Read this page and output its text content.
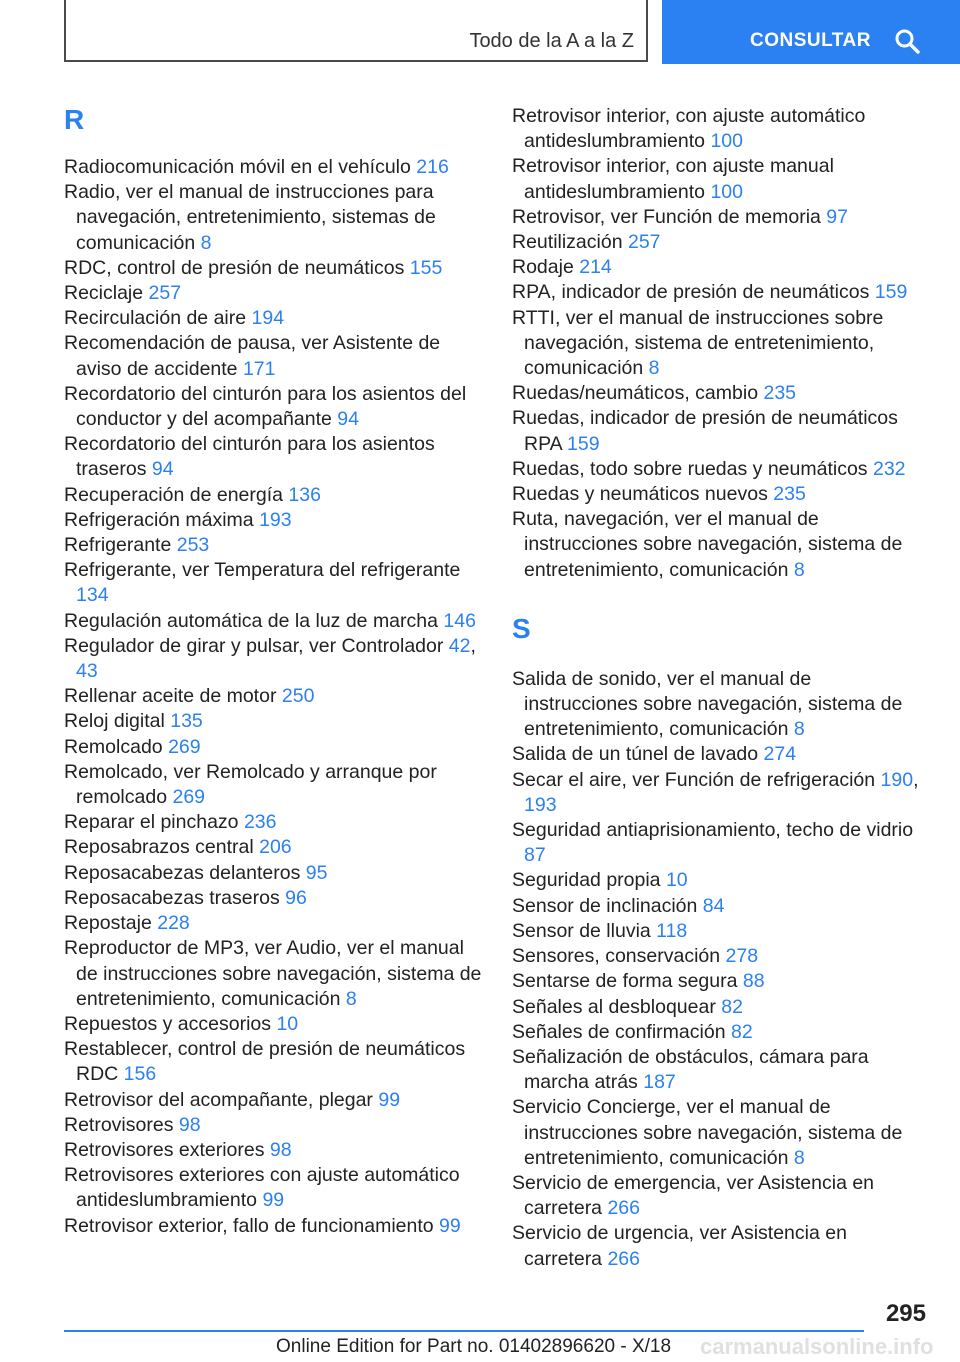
Todo de la A a la Z	CONSULTAR
R

Radiocomunicación móvil en el vehículo 216

Radio, ver el manual de instrucciones para navegación, entretenimiento, sistemas de comunicación 8

RDC, control de presión de neumáticos 155

Reciclaje 257

Recirculación de aire 194

Recomendación de pausa, ver Asistente de aviso de accidente 171

Recordatorio del cinturón para los asientos del conductor y del acompañante 94

Recordatorio del cinturón para los asientos traseros 94

Recuperación de energía 136

Refrigeración máxima 193

Refrigerante 253

Refrigerante, ver Temperatura del refrigerante 134

Regulación automática de la luz de marcha 146

Regulador de girar y pulsar, ver Controlador 42, 43

Rellenar aceite de motor 250

Reloj digital 135

Remolcado 269

Remolcado, ver Remolcado y arranque por remolcado 269

Reparar el pinchazo 236

Reposabrazos central 206

Reposacabezas delanteros 95

Reposacabezas traseros 96

Repostaje 228

Reproductor de MP3, ver Audio, ver el manual de instrucciones sobre navegación, sistema de entretenimiento, comunicación 8

Repuestos y accesorios 10

Restablecer, control de presión de neumáticos RDC 156

Retrovisor del acompañante, plegar 99

Retrovisores 98

Retrovisores exteriores 98

Retrovisores exteriores con ajuste automático antideslumbramiento 99

Retrovisor exterior, fallo de funcionamiento 99

Retrovisor interior, con ajuste automático antideslumbramiento 100

Retrovisor interior, con ajuste manual antideslumbramiento 100

Retrovisor, ver Función de memoria 97

Reutilización 257

Rodaje 214

RPA, indicador de presión de neumáticos 159

RTTI, ver el manual de instrucciones sobre navegación, sistema de entretenimiento, comunicación 8

Ruedas/neumáticos, cambio 235

Ruedas, indicador de presión de neumáticos RPA 159

Ruedas, todo sobre ruedas y neumáticos 232

Ruedas y neumáticos nuevos 235

Ruta, navegación, ver el manual de instrucciones sobre navegación, sistema de entretenimiento, comunicación 8

S

Salida de sonido, ver el manual de instrucciones sobre navegación, sistema de entretenimiento, comunicación 8

Salida de un túnel de lavado 274

Secar el aire, ver Función de refrigeración 190, 193

Seguridad antiaprisionamiento, techo de vidrio 87

Seguridad propia 10

Sensor de inclinación 84

Sensor de lluvia 118

Sensores, conservación 278

Sentarse de forma segura 88

Señales al desbloquear 82

Señales de confirmación 82

Señalización de obstáculos, cámara para marcha atrás 187

Servicio Concierge, ver el manual de instrucciones sobre navegación, sistema de entretenimiento, comunicación 8

Servicio de emergencia, ver Asistencia en carretera 266

Servicio de urgencia, ver Asistencia en carretera 266

295
Online Edition for Part no. 01402896620 - X/18 carmanualsonline.info
